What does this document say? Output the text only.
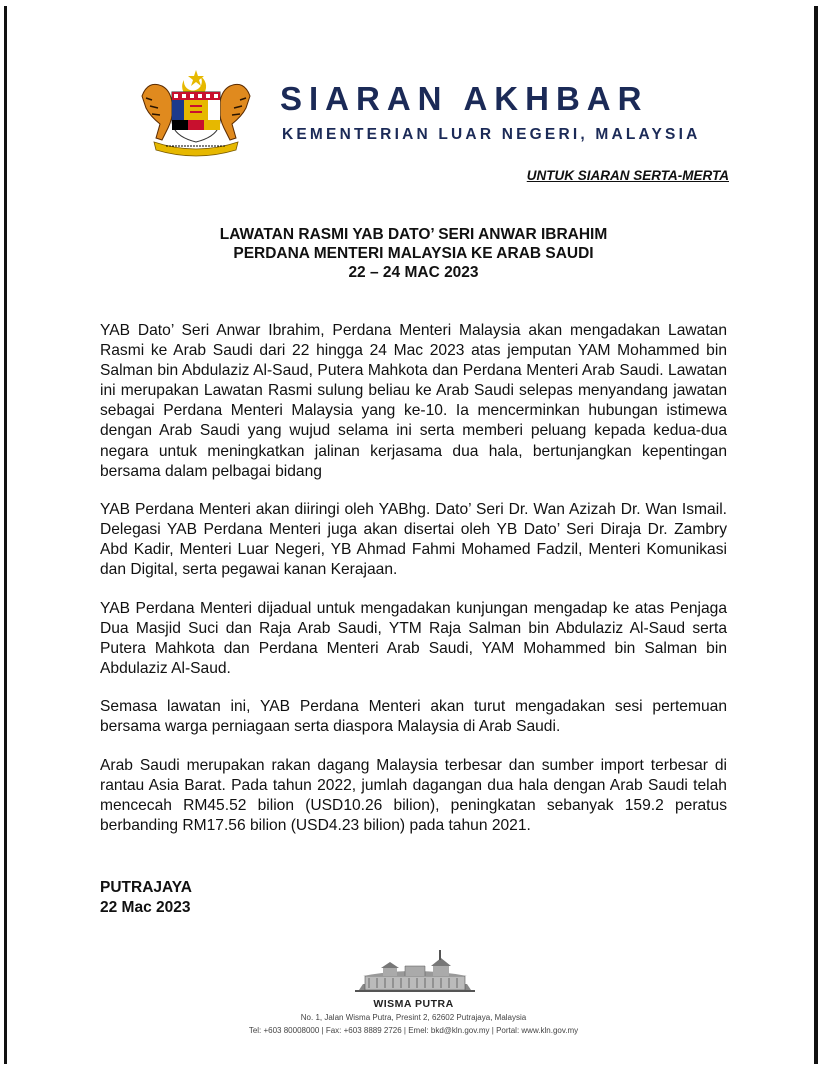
SIARAN AKHBAR
KEMENTERIAN LUAR NEGERI, MALAYSIA
UNTUK SIARAN SERTA-MERTA
LAWATAN RASMI YAB DATO’ SERI ANWAR IBRAHIM
PERDANA MENTERI MALAYSIA KE ARAB SAUDI
22 – 24 MAC 2023

YAB Dato’ Seri Anwar Ibrahim, Perdana Menteri Malaysia akan mengadakan Lawatan Rasmi ke Arab Saudi dari 22 hingga 24 Mac 2023 atas jemputan YAM Mohammed bin Salman bin Abdulaziz Al-Saud, Putera Mahkota dan Perdana Menteri Arab Saudi. Lawatan ini merupakan Lawatan Rasmi sulung beliau ke Arab Saudi selepas menyandang jawatan sebagai Perdana Menteri Malaysia yang ke-10. Ia mencerminkan hubungan istimewa dengan Arab Saudi yang wujud selama ini serta memberi peluang kepada kedua-dua negara untuk meningkatkan jalinan kerjasama dua hala, bertunjangkan kepentingan bersama dalam pelbagai bidang

YAB Perdana Menteri akan diiringi oleh YABhg. Dato’ Seri Dr. Wan Azizah Dr. Wan Ismail. Delegasi YAB Perdana Menteri juga akan disertai oleh YB Dato’ Seri Diraja Dr. Zambry Abd Kadir, Menteri Luar Negeri, YB Ahmad Fahmi Mohamed Fadzil, Menteri Komunikasi dan Digital, serta pegawai kanan Kerajaan.

YAB Perdana Menteri dijadual untuk mengadakan kunjungan mengadap ke atas Penjaga Dua Masjid Suci dan Raja Arab Saudi, YTM Raja Salman bin Abdulaziz Al-Saud serta Putera Mahkota dan Perdana Menteri Arab Saudi, YAM Mohammed bin Salman bin Abdulaziz Al-Saud.

Semasa lawatan ini, YAB Perdana Menteri akan turut mengadakan sesi pertemuan bersama warga perniagaan serta diaspora Malaysia di Arab Saudi.

Arab Saudi merupakan rakan dagang Malaysia terbesar dan sumber import terbesar di rantau Asia Barat. Pada tahun 2022, jumlah dagangan dua hala dengan Arab Saudi telah mencecah RM45.52 bilion (USD10.26 bilion), peningkatan sebanyak 159.2 peratus berbanding RM17.56 bilion (USD4.23 bilion) pada tahun 2021.

PUTRAJAYA
22 Mac 2023
WISMA PUTRA
No. 1, Jalan Wisma Putra, Presint 2, 62602 Putrajaya, Malaysia
Tel: +603 80008000 | Fax: +603 8889 2726 | Emel: bkd@kln.gov.my | Portal: www.kln.gov.my
